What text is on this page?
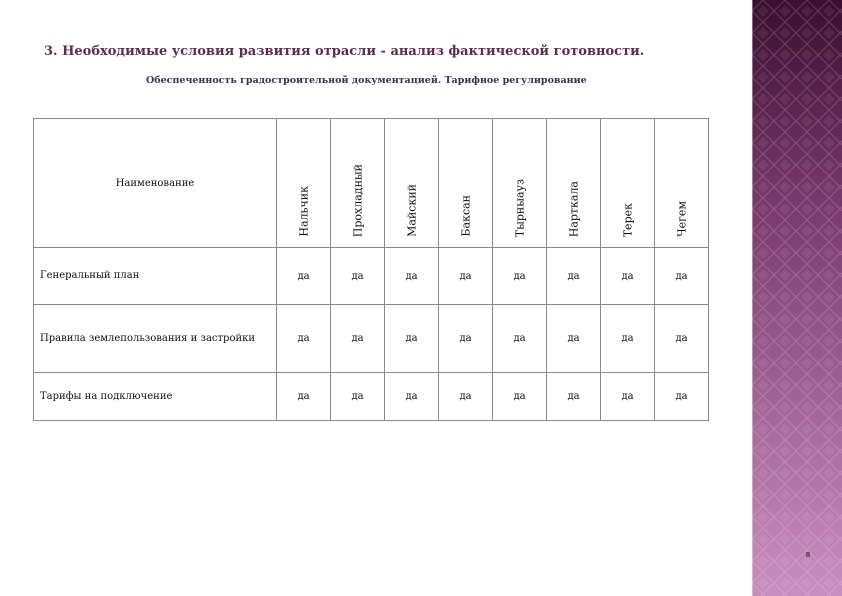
3. Необходимые условия развития отрасли - анализ фактической готовности.
Обеспеченность градостроительной документацией. Тарифное регулирование
Наименование	Нальчик	Прохладный	Майский	Баксан	Тырныауз	Нарткала	Терек	Чегем

Генеральный план	да	да	да	да	да	да	да	да
Правила землепользования и застройки	да	да	да	да	да	да	да	да
Тарифы на подключение	да	да	да	да	да	да	да	да
8
